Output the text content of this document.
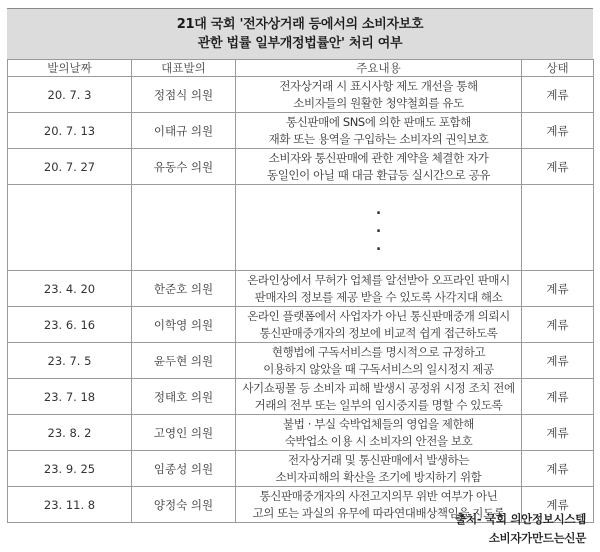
21대 국회 '전자상거래 등에서의 소비자보호
관한 법률 일부개정법률안' 처리 여부
발의날짜	대표발의	주요내용	상태
20. 7. 3	정점식 의원	전자상거래 시 표시사항 제도 개선을 통해
소비자들의 원활한 청약철회를 유도	계류
20. 7. 13	이태규 의원	통신판매에 SNS에 의한 판매도 포함해
재화 또는 용역을 구입하는 소비자의 권익보호	계류
20. 7. 27	유동수 의원	소비자와 통신판매에 관한 계약을 체결한 자가
동일인이 아닐 때 대금 환급등 실시간으로 공유	계류

		.
.
.	

23. 4. 20	한준호 의원	온라인상에서 무허가 업체를 알선받아 오프라인 판매시
판매자의 정보를 제공 받을 수 있도록 사각지대 해소	계류
23. 6. 16	이학영 의원	온라인 플랫폼에서 사업자가 아닌 통신판매중개 의뢰시
통신판매중개자의 정보에 비교적 쉽게 접근하도록	계류
23. 7. 5	윤두현 의원	현행법에 구독서비스를 명시적으로 규정하고
이용하지 않았을 때 구독서비스의 일시정지 제공	계류
23. 7. 18	정태호 의원	사기쇼핑몰 등 소비자 피해 발생시 공정위 시정 조치 전에
거래의 전부 또는 일부의 임시중지를 명할 수 있도록	계류
23. 8. 2	고영인 의원	불법 · 부실 숙박업체들의 영업을 제한해
숙박업소 이용 시 소비자의 안전을 보호	계류
23. 9. 25	임종성 의원	전자상거래 및 통신판매에서 발생하는
소비자피해의 확산을 조기에 방지하기 위함	계류
23. 11. 8	양정숙 의원	통신판매중개자의 사전고지의무 위반 여부가 아닌
고의 또는 과실의 유무에 따라연대배상책임을 지도록	계류
출처- 국회 의안정보시스템
소비자가만드는신문
